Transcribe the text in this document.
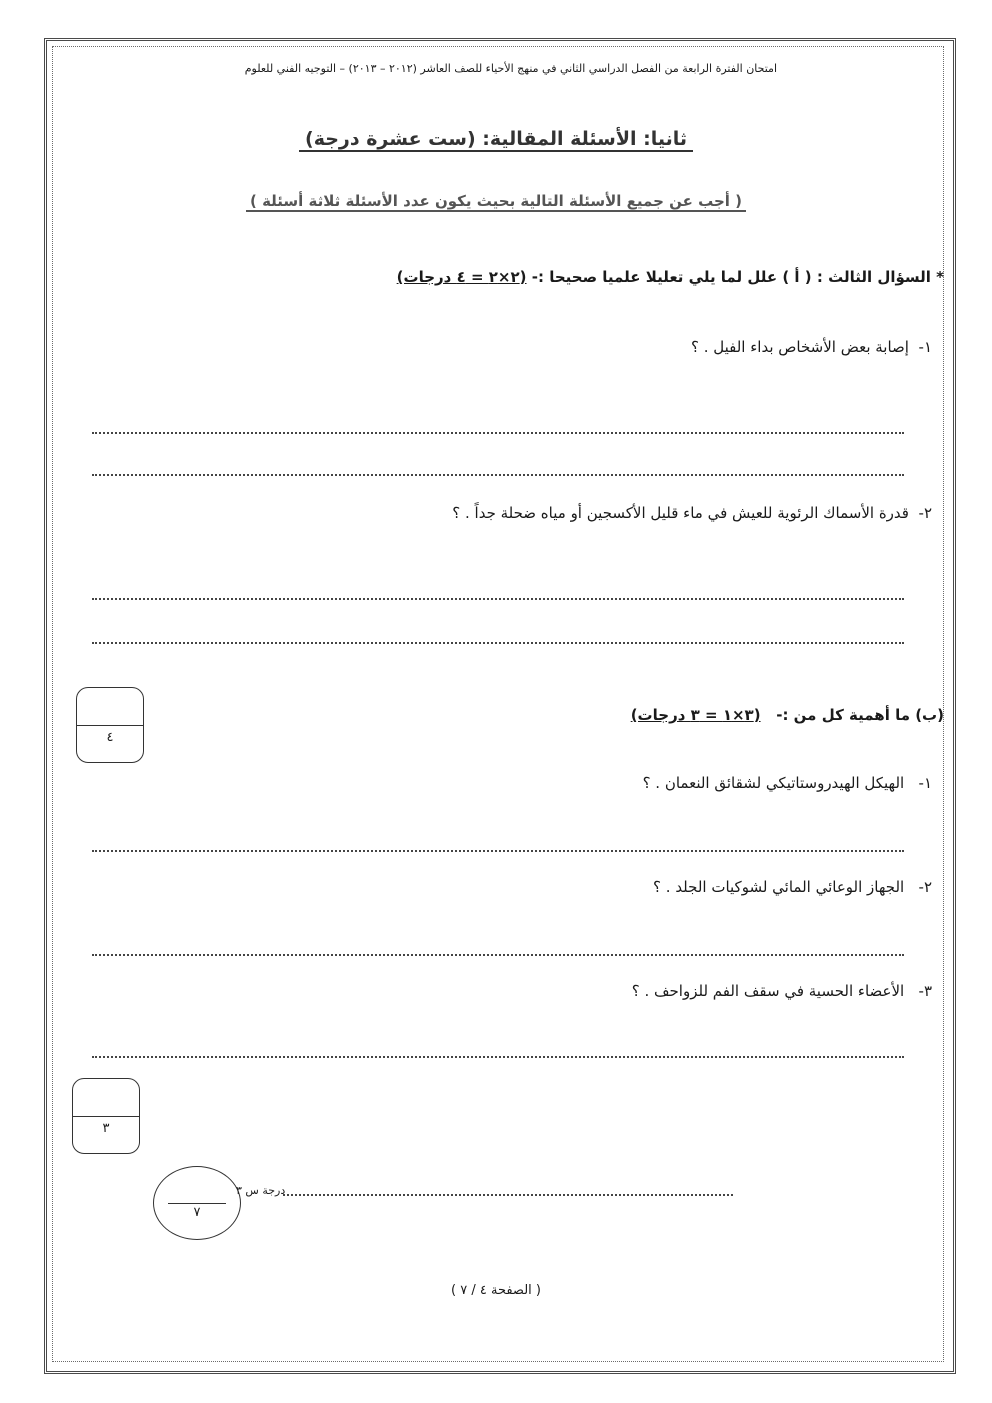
امتحان الفترة الرابعة من الفصل الدراسي الثاني في منهج الأحياء للصف العاشر (٢٠١٢ – ٢٠١٣) – التوجيه الفني للعلوم
ثانيا: الأسئلة المقالية: (ست عشرة درجة)
( أجب عن جميع الأسئلة التالية بحيث يكون عدد الأسئلة ثلاثة أسئلة )
* السؤال الثالث : ( أ ) علل لما يلي تعليلا علميا صحيحا :- (٢×٢ = ٤ درجات)
١-  إصابة بعض الأشخاص بداء الفيل . ؟
٢-  قدرة الأسماك الرئوية للعيش في ماء قليل الأكسجين أو مياه ضحلة جداً . ؟
٤
(ب) ما أهمية كل من :-   (٣×١ = ٣ درجات)
١-   الهيكل الهيدروستاتيكي لشقائق النعمان . ؟
٢-   الجهاز الوعائي المائي لشوكيات الجلد . ؟
٣-   الأعضاء الحسية في سقف الفم للزواحف . ؟
٣
٧
درجة س ٣
( الصفحة ٤ / ٧ )
